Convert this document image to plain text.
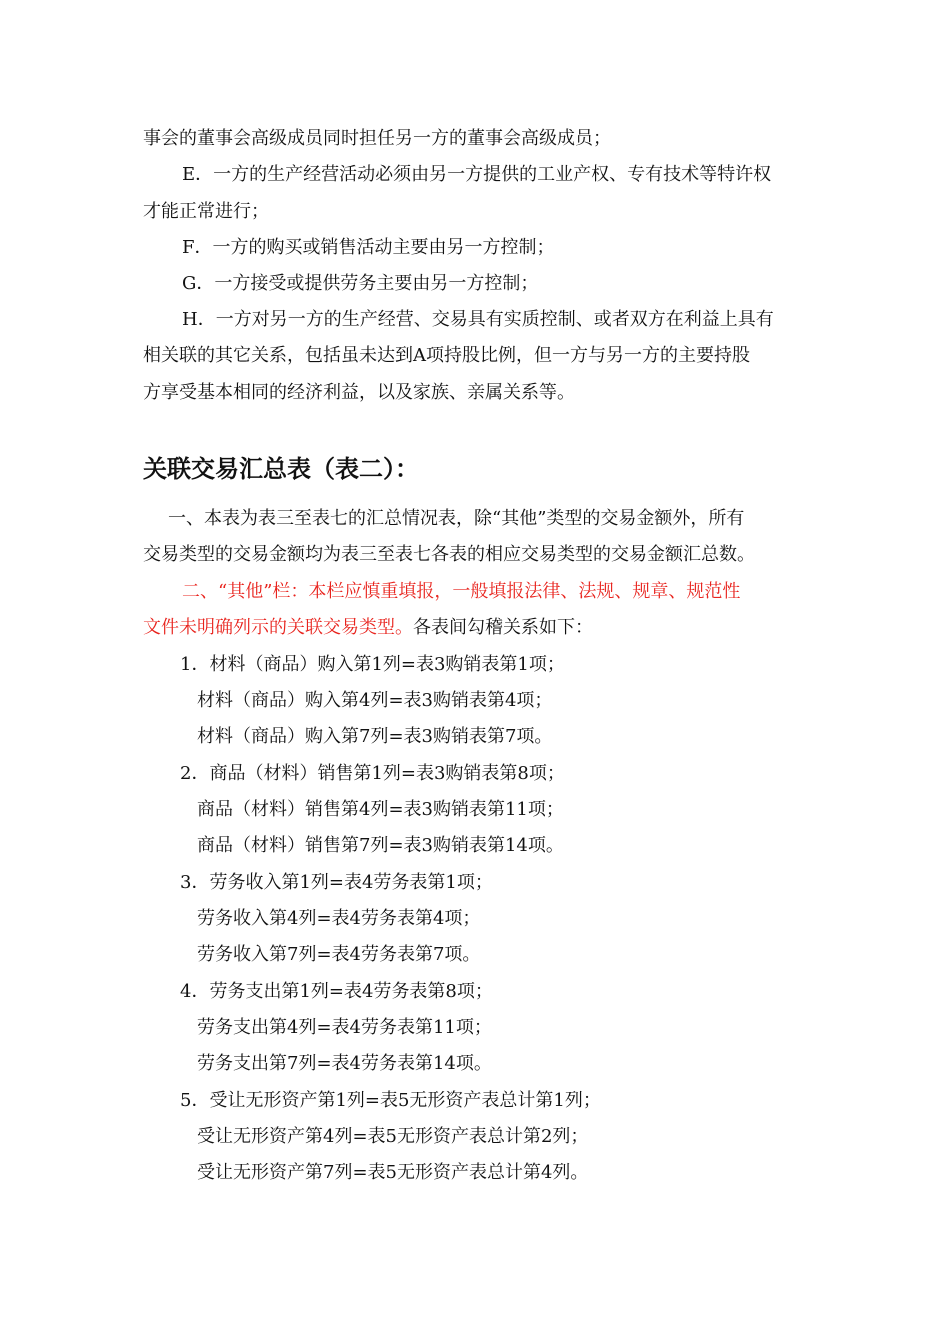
事会的董事会高级成员同时担任另一方的董事会高级成员；
E．一方的生产经营活动必须由另一方提供的工业产权、专有技术等特许权
才能正常进行；
F．一方的购买或销售活动主要由另一方控制；
G．一方接受或提供劳务主要由另一方控制；
H．一方对另一方的生产经营、交易具有实质控制、或者双方在利益上具有
相关联的其它关系，包括虽未达到A项持股比例，但一方与另一方的主要持股
方享受基本相同的经济利益，以及家族、亲属关系等。
关联交易汇总表（表二）：
一、本表为表三至表七的汇总情况表，除“其他”类型的交易金额外，所有
交易类型的交易金额均为表三至表七各表的相应交易类型的交易金额汇总数。
二、“其他”栏：本栏应慎重填报，一般填报法律、法规、规章、规范性
文件未明确列示的关联交易类型。各表间勾稽关系如下：
1．材料（商品）购入第1列=表3购销表第1项；
材料（商品）购入第4列=表3购销表第4项；
材料（商品）购入第7列=表3购销表第7项。
2．商品（材料）销售第1列=表3购销表第8项；
商品（材料）销售第4列=表3购销表第11项；
商品（材料）销售第7列=表3购销表第14项。
3．劳务收入第1列=表4劳务表第1项；
劳务收入第4列=表4劳务表第4项；
劳务收入第7列=表4劳务表第7项。
4．劳务支出第1列=表4劳务表第8项；
劳务支出第4列=表4劳务表第11项；
劳务支出第7列=表4劳务表第14项。
5．受让无形资产第1列=表5无形资产表总计第1列；
受让无形资产第4列=表5无形资产表总计第2列；
受让无形资产第7列=表5无形资产表总计第4列。
